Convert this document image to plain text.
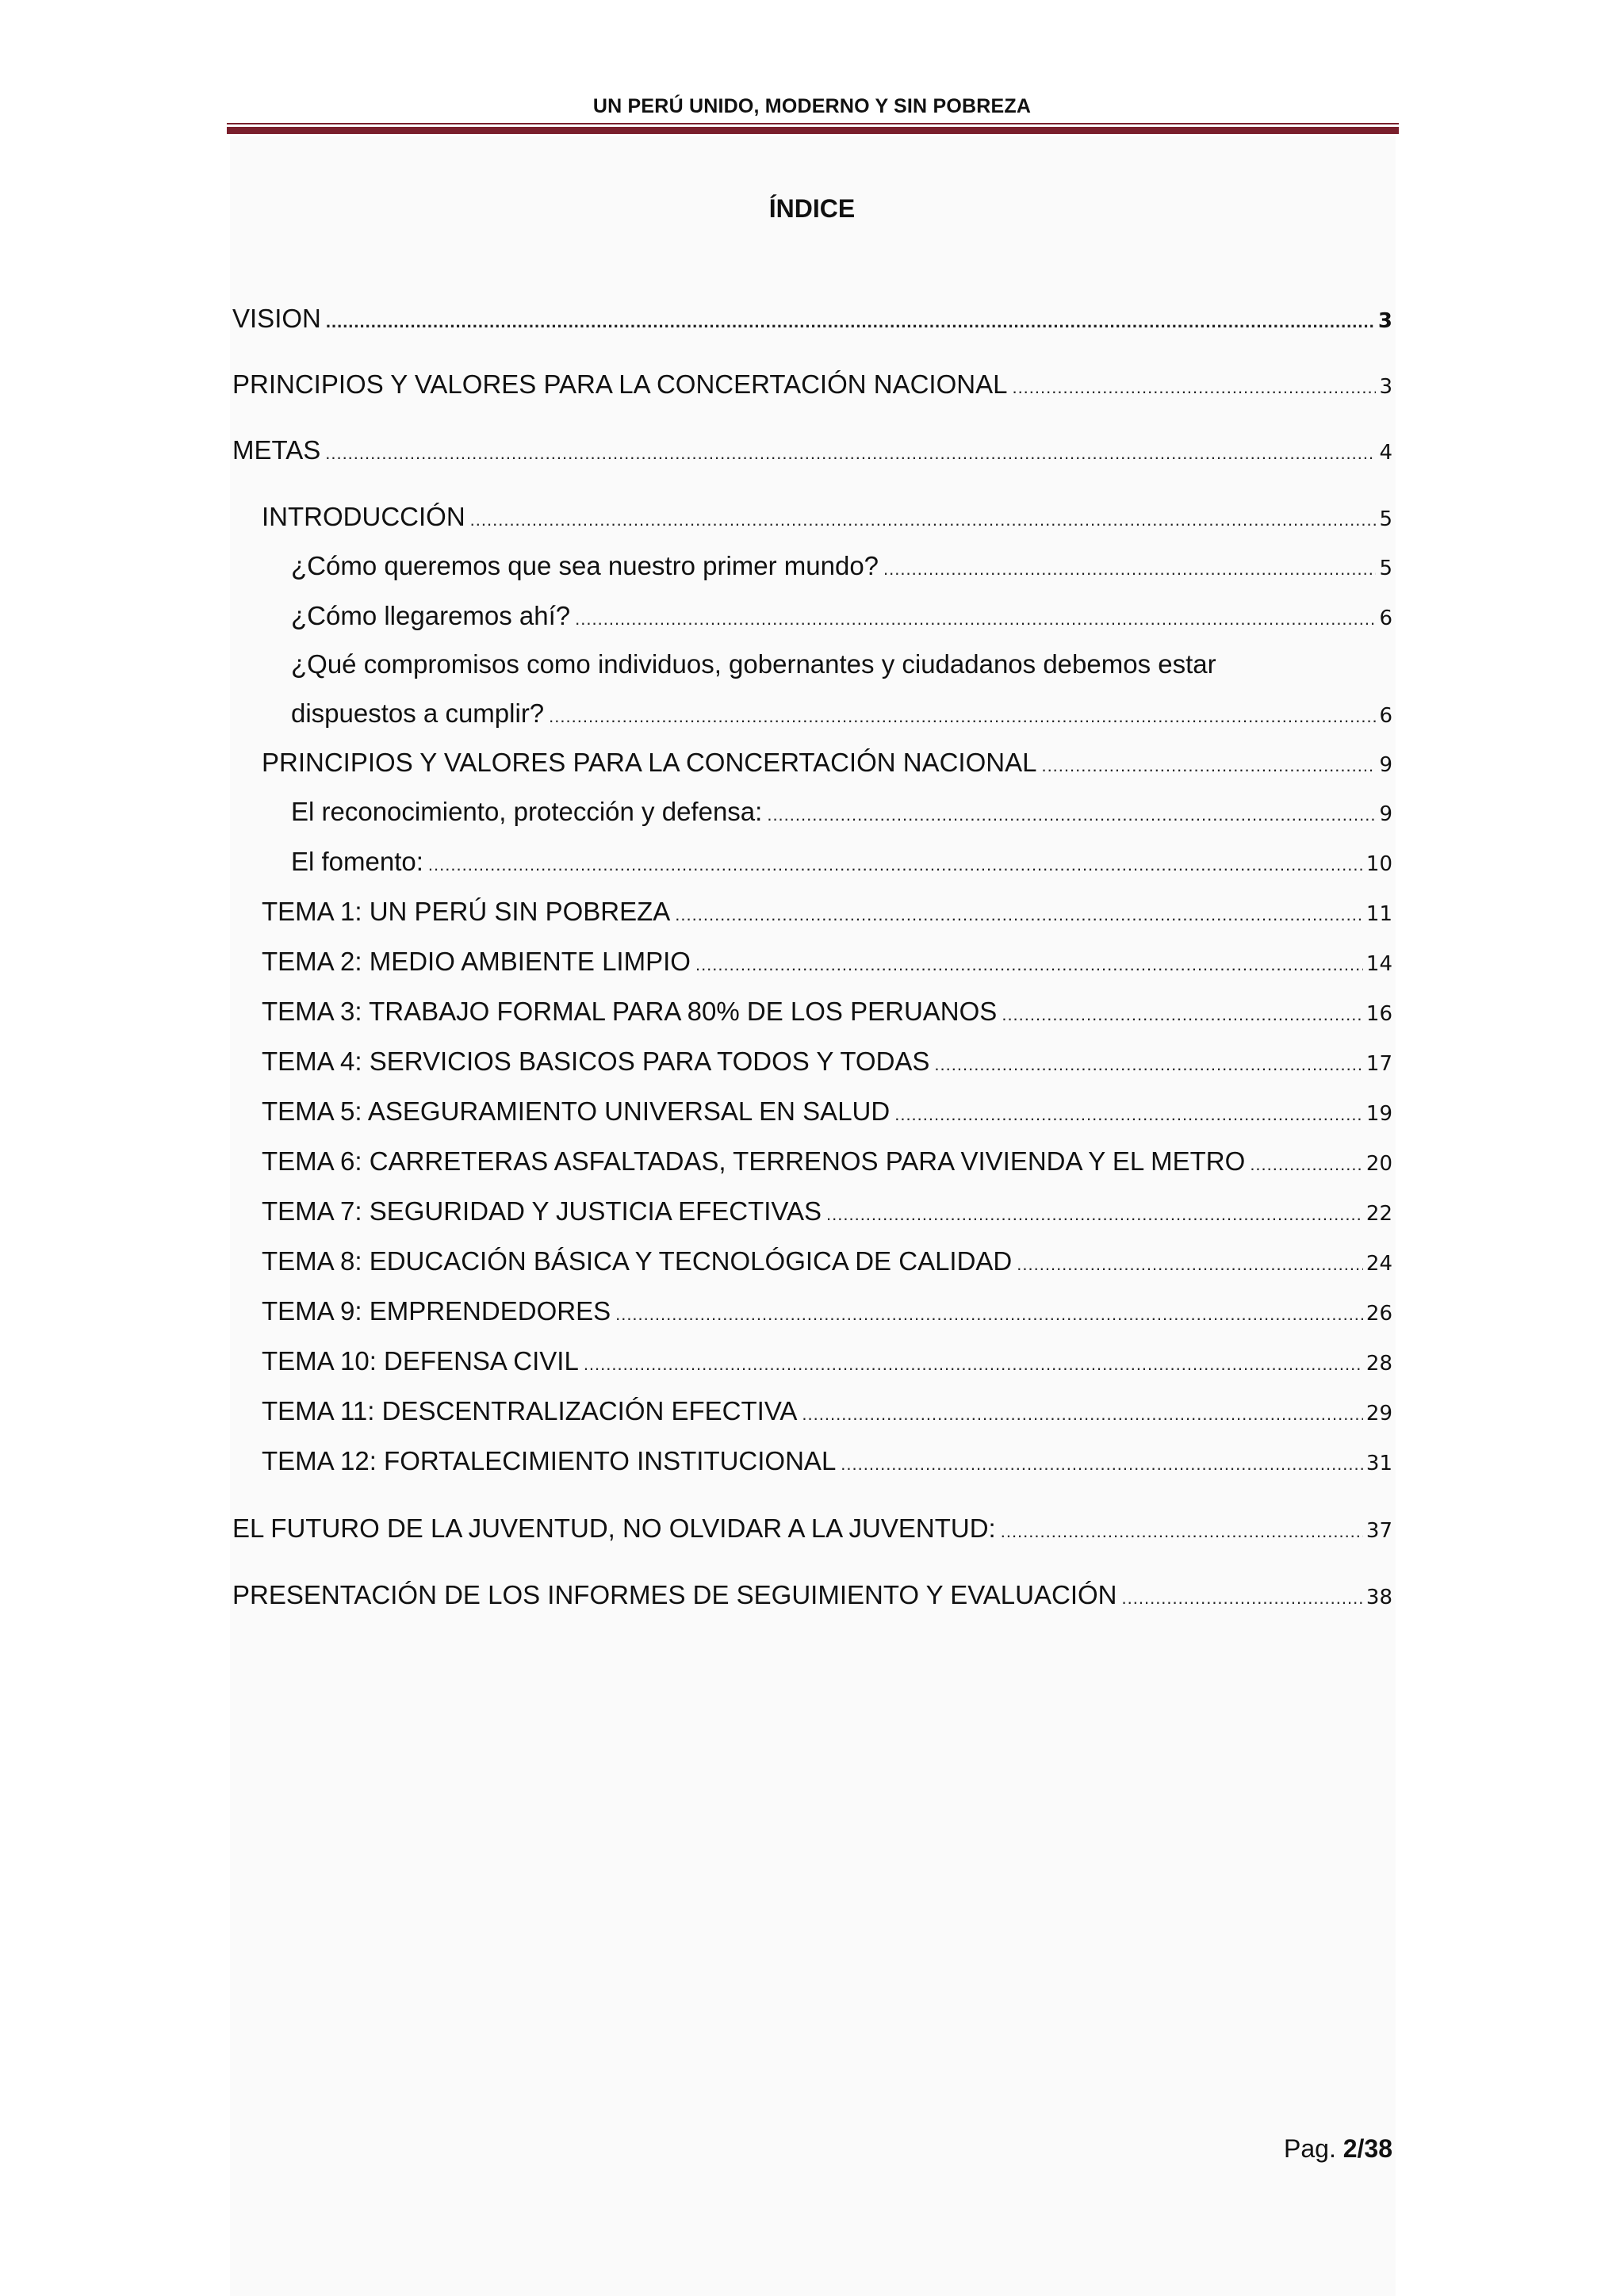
UN PERÚ UNIDO, MODERNO Y SIN POBREZA
ÍNDICE
VISION .....	3
PRINCIPIOS Y VALORES PARA LA CONCERTACIÓN NACIONAL .....	3
METAS .....	4
INTRODUCCIÓN .....	5
¿Cómo queremos que sea nuestro primer mundo? .....	5
¿Cómo llegaremos ahí? .....	6
¿Qué compromisos como individuos, gobernantes y ciudadanos debemos estar
dispuestos a cumplir? .....	6
PRINCIPIOS Y VALORES PARA LA CONCERTACIÓN NACIONAL .....	9
El reconocimiento, protección y defensa: .....	9
El fomento: .....	10
TEMA 1: UN PERÚ SIN POBREZA .....	11
TEMA 2: MEDIO AMBIENTE LIMPIO .....	14
TEMA 3: TRABAJO FORMAL PARA 80% DE LOS PERUANOS .....	16
TEMA 4: SERVICIOS BASICOS PARA TODOS Y TODAS .....	17
TEMA 5: ASEGURAMIENTO UNIVERSAL EN SALUD .....	19
TEMA 6: CARRETERAS ASFALTADAS, TERRENOS PARA VIVIENDA Y EL METRO .....	20
TEMA 7: SEGURIDAD Y JUSTICIA EFECTIVAS .....	22
TEMA 8: EDUCACIÓN BÁSICA Y TECNOLÓGICA DE CALIDAD .....	24
TEMA 9: EMPRENDEDORES .....	26
TEMA 10: DEFENSA CIVIL .....	28
TEMA 11: DESCENTRALIZACIÓN EFECTIVA .....	29
TEMA 12: FORTALECIMIENTO INSTITUCIONAL .....	31
EL FUTURO DE LA JUVENTUD, NO OLVIDAR A LA JUVENTUD: .....	37
PRESENTACIÓN DE LOS INFORMES DE SEGUIMIENTO Y EVALUACIÓN .....	38
Pag. 2/38
